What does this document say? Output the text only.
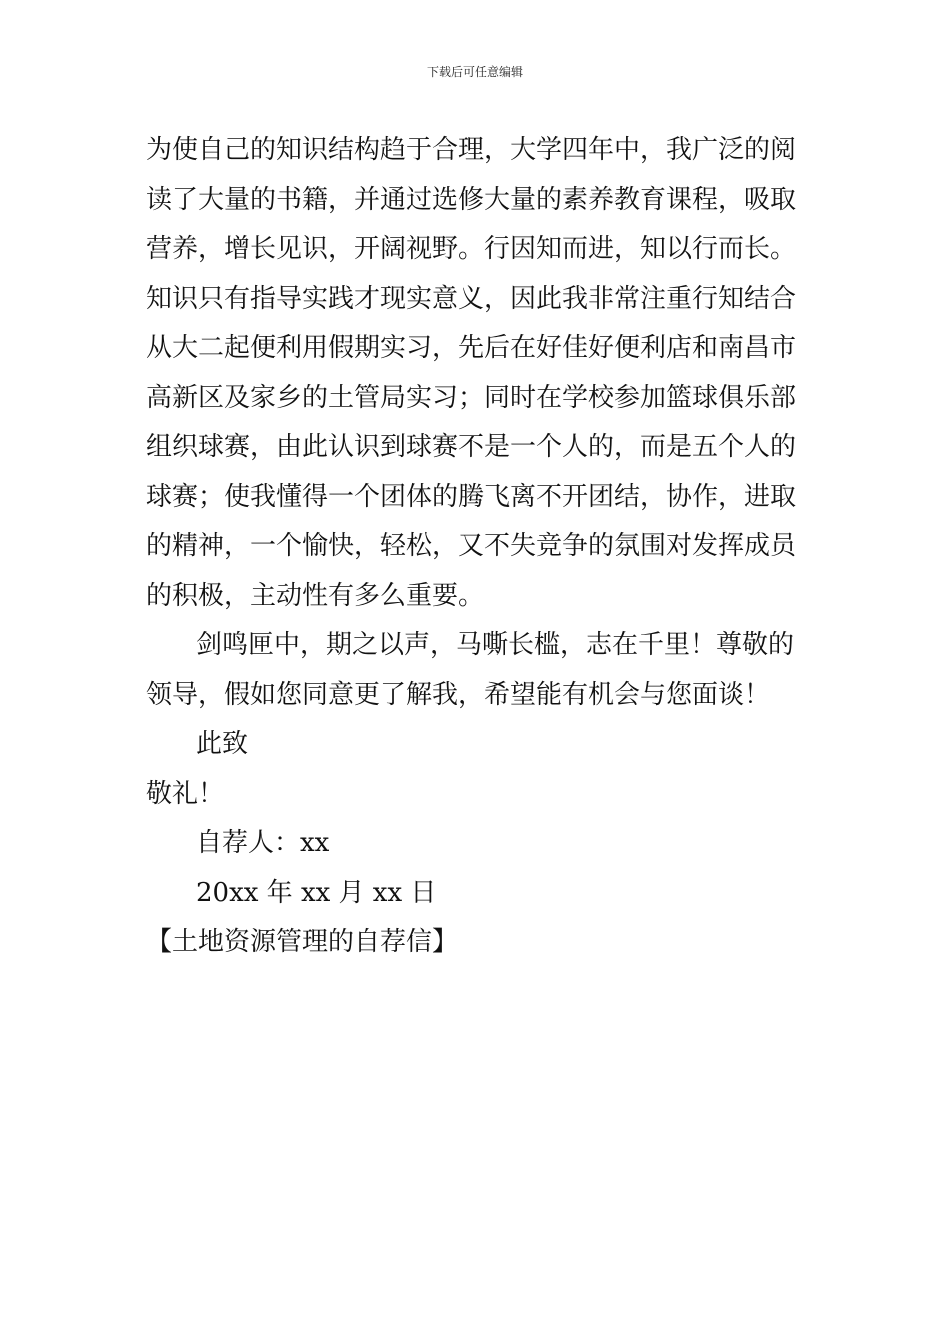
下载后可任意编辑
为使自己的知识结构趋于合理，大学四年中，我广泛的阅
读了大量的书籍，并通过选修大量的素养教育课程，吸取
营养，增长见识，开阔视野。行因知而进，知以行而长。
知识只有指导实践才现实意义，因此我非常注重行知结合
从大二起便利用假期实习，先后在好佳好便利店和南昌市
高新区及家乡的土管局实习；同时在学校参加篮球俱乐部
组织球赛，由此认识到球赛不是一个人的，而是五个人的
球赛；使我懂得一个团体的腾飞离不开团结，协作，进取
的精神，一个愉快，轻松，又不失竞争的氛围对发挥成员
的积极，主动性有多么重要。
剑鸣匣中，期之以声，马嘶长槛，志在千里！尊敬的
领导，假如您同意更了解我，希望能有机会与您面谈！
此致
敬礼！
自荐人：xx
20xx 年 xx 月 xx 日
【土地资源管理的自荐信】
